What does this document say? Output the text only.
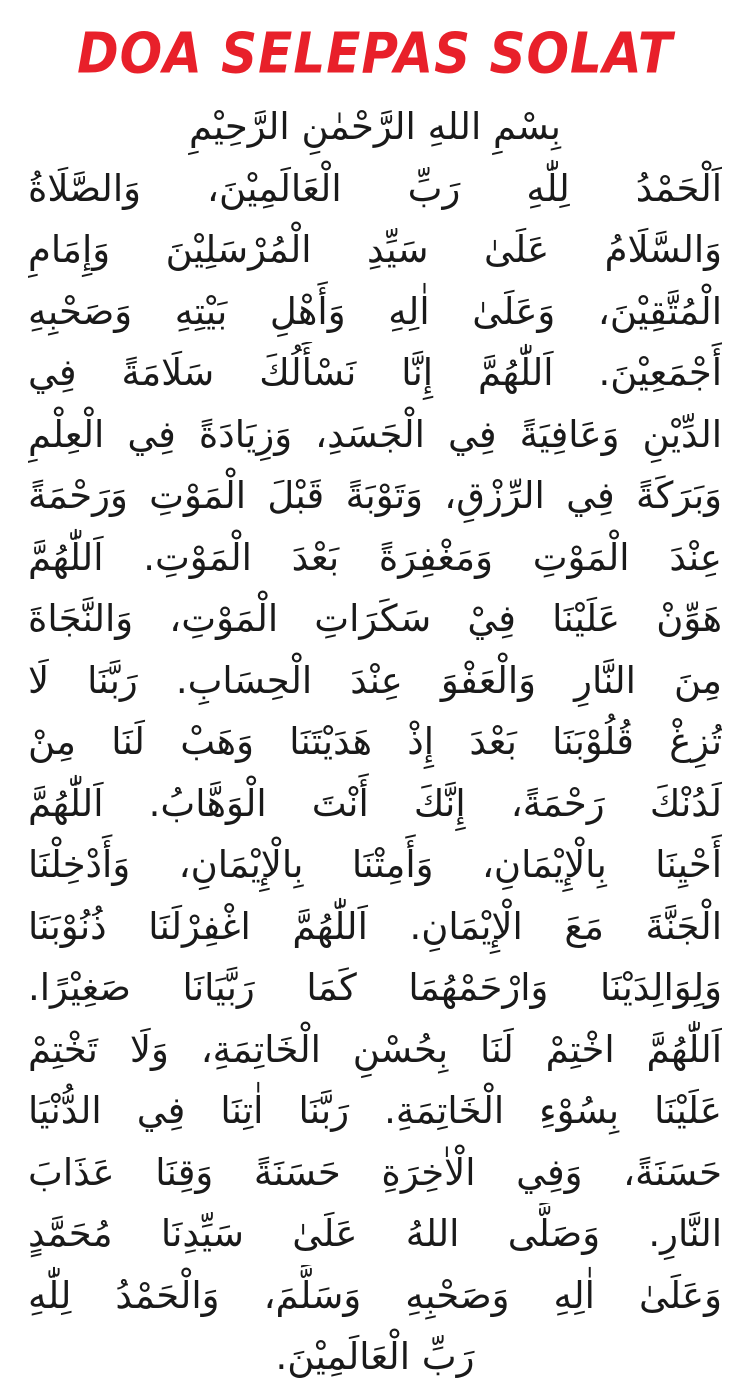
DOA SELEPAS SOLAT
بِسْمِ اللهِ الرَّحْمٰنِ الرَّحِيْمِ
اَلْحَمْدُ لِلّٰهِ رَبِّ الْعَالَمِيْنَ، وَالصَّلَاةُ
وَالسَّلَامُ عَلَىٰ سَيِّدِ الْمُرْسَلِيْنَ وَإِمَامِ
الْمُتَّقِيْنَ، وَعَلَىٰ اٰلِهِ وَأَهْلِ بَيْتِهِ وَصَحْبِهِ
أَجْمَعِيْنَ. اَللّٰهُمَّ إِنَّا نَسْأَلُكَ سَلَامَةً فِي
الدِّيْنِ وَعَافِيَةً فِي الْجَسَدِ، وَزِيَادَةً فِي الْعِلْمِ
وَبَرَكَةً فِي الرِّزْقِ، وَتَوْبَةً قَبْلَ الْمَوْتِ وَرَحْمَةً
عِنْدَ الْمَوْتِ وَمَغْفِرَةً بَعْدَ الْمَوْتِ. اَللّٰهُمَّ
هَوِّنْ عَلَيْنَا فِيْ سَكَرَاتِ الْمَوْتِ، وَالنَّجَاةَ
مِنَ النَّارِ وَالْعَفْوَ عِنْدَ الْحِسَابِ. رَبَّنَا لَا
تُزِغْ قُلُوْبَنَا بَعْدَ إِذْ هَدَيْتَنَا وَهَبْ لَنَا مِنْ
لَدُنْكَ رَحْمَةً، إِنَّكَ أَنْتَ الْوَهَّابُ. اَللّٰهُمَّ
أَحْيِنَا بِالْإِيْمَانِ، وَأَمِتْنَا بِالْإِيْمَانِ، وَأَدْخِلْنَا
الْجَنَّةَ مَعَ الْإِيْمَانِ. اَللّٰهُمَّ اغْفِرْلَنَا ذُنُوْبَنَا
وَلِوَالِدَيْنَا وَارْحَمْهُمَا كَمَا رَبَّيَانَا صَغِيْرًا.
اَللّٰهُمَّ اخْتِمْ لَنَا بِحُسْنِ الْخَاتِمَةِ، وَلَا تَخْتِمْ
عَلَيْنَا بِسُوْءِ الْخَاتِمَةِ. رَبَّنَا اٰتِنَا فِي الدُّنْيَا
حَسَنَةً، وَفِي الْاٰخِرَةِ حَسَنَةً وَقِنَا عَذَابَ
النَّارِ. وَصَلَّى اللهُ عَلَىٰ سَيِّدِنَا مُحَمَّدٍ
وَعَلَىٰ اٰلِهِ وَصَحْبِهِ وَسَلَّمَ، وَالْحَمْدُ لِلّٰهِ
رَبِّ الْعَالَمِيْنَ.
